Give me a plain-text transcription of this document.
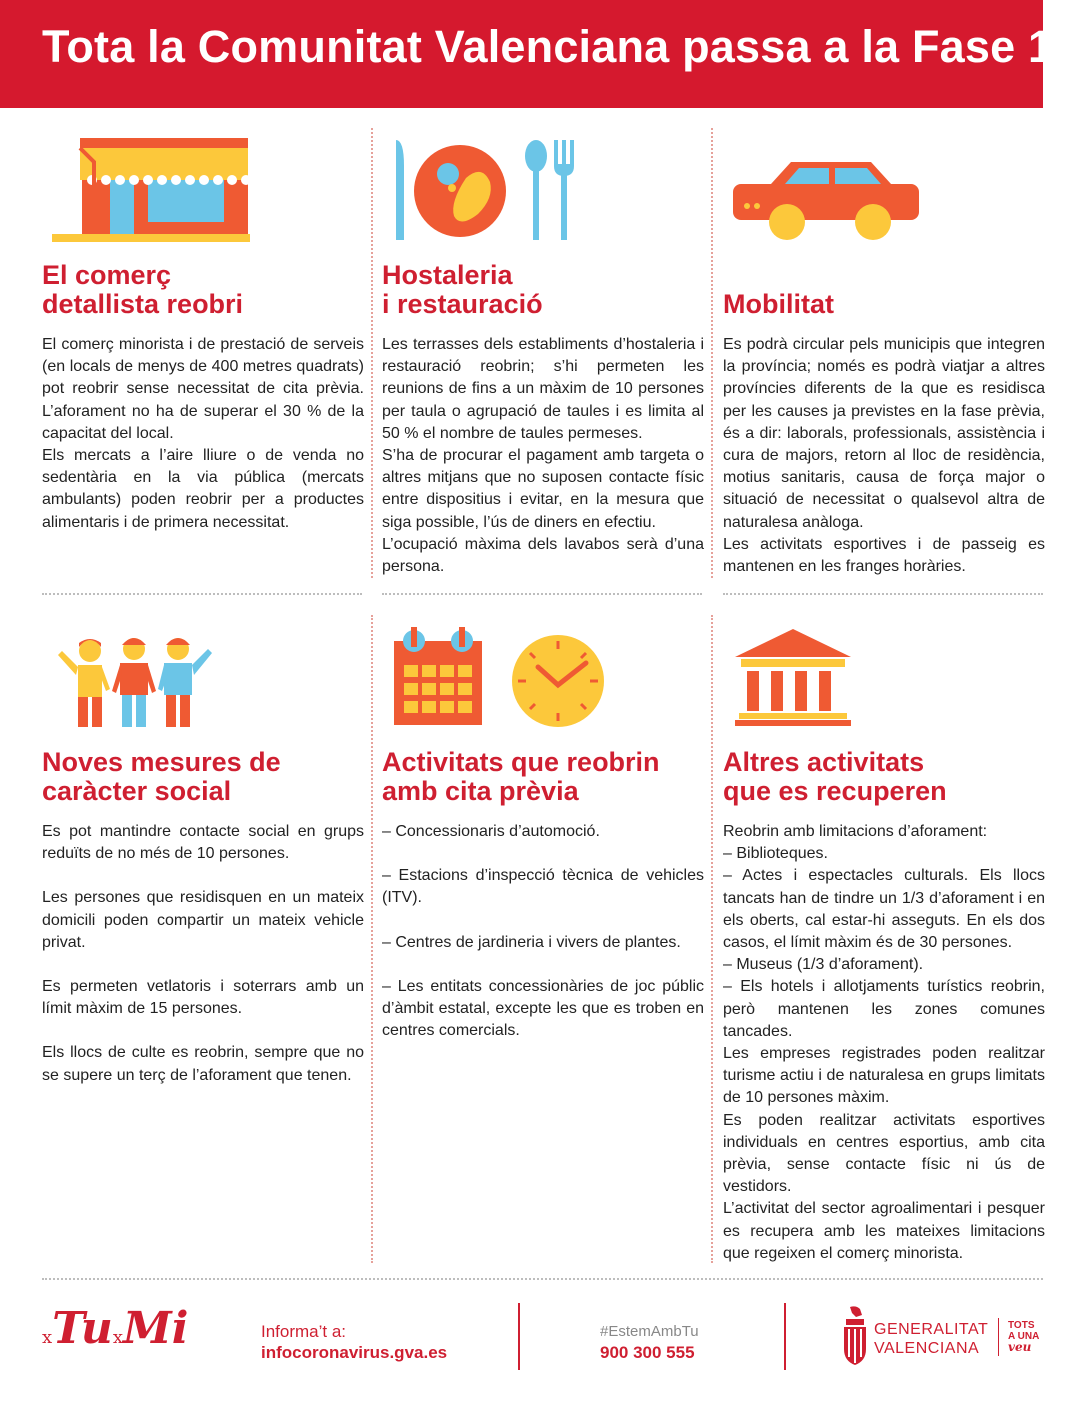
Tota la Comunitat Valenciana passa a la Fase 1
El comerç
detallista reobri

El comerç minorista i de prestació de serveis (en locals de menys de 400 metres quadrats) pot reobrir sense necessitat de cita prèvia. L’aforament no ha de superar el 30 % de la capacitat del local.

Els mercats a l’aire lliure o de venda no sedentària en la via pública (mercats ambulants) poden reobrir per a productes alimentaris i de primera necessitat.

Hostaleria
i restauració

Les terrasses dels establiments d’hostaleria i restauració reobrin; s’hi permeten les reunions de fins a un màxim de 10 persones per taula o agrupació de taules i es limita al 50 % el nombre de taules permeses.

S’ha de procurar el pagament amb targeta o altres mitjans que no suposen contacte físic entre dispositius i evitar, en la mesura que siga possible, l’ús de diners en efectiu.

L’ocupació màxima dels lavabos serà d’una persona.

Mobilitat

Es podrà circular pels municipis que integren la província; només es podrà viatjar a altres províncies diferents de la que es residisca per les causes ja previstes en la fase prèvia, és a dir: laborals, professionals, assistència i cura de majors, retorn al lloc de residència, motius sanitaris, causa de força major o situació de necessitat o qualsevol altra de naturalesa anàloga.

Les activitats esportives i de passeig es mantenen en les franges horàries.

Noves mesures de
caràcter social

Es pot mantindre contacte social en grups reduïts de no més de 10 persones.

Les persones que residisquen en un mateix domicili poden compartir un mateix vehicle privat.

Es permeten vetlatoris i soterrars amb un límit màxim de 15 persones.

Els llocs de culte es reobrin, sempre que no se supere un terç de l’aforament que tenen.

Activitats que reobrin
amb cita prèvia

– Concessionaris d’automoció.

– Estacions d’inspecció tècnica de vehicles (ITV).

– Centres de jardineria i vivers de plantes.

– Les entitats concessionàries de joc públic d’àmbit estatal, excepte les que es troben en centres comercials.

Altres activitats
que es recuperen

Reobrin amb limitacions d’aforament:

– Biblioteques.

– Actes i espectacles culturals. Els llocs tancats han de tindre un 1/3 d’aforament i en els oberts, cal estar-hi asseguts. En els dos casos, el límit màxim és de 30 persones.

– Museus (1/3 d’aforament).

– Els hotels i allotjaments turístics reobrin, però mantenen les zones comunes tancades.

Les empreses registrades poden realitzar turisme actiu i de naturalesa en grups limitats de 10 persones màxim.

Es poden realitzar activitats esportives individuals en centres esportius, amb cita prèvia, sense contacte físic ni ús de vestidors.

L’activitat del sector agroalimentari i pesquer es recupera amb les mateixes limitacions que regeixen el comerç minorista.

xTuxMi	Informa’t a:
infocoronavirus.gva.es
#EstemAmbTu
900 300 555
GENERALITAT
VALENCIANA
TOTS
A UNA
veu
